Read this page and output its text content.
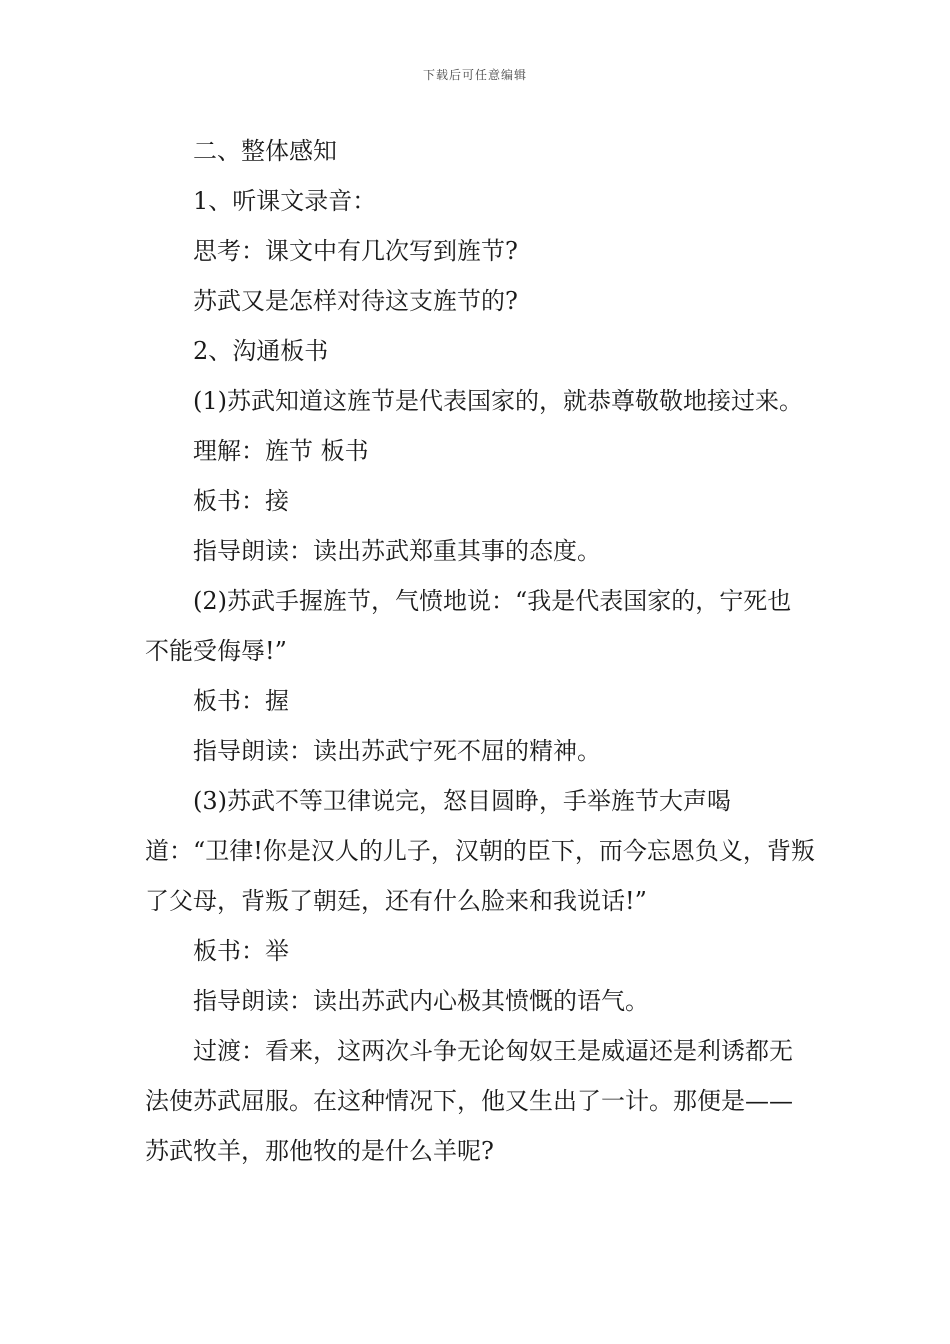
下载后可任意编辑

二、整体感知

1、听课文录音：

思考：课文中有几次写到旌节?

苏武又是怎样对待这支旌节的?

2、沟通板书

(1)苏武知道这旌节是代表国家的，就恭尊敬敬地接过来。

理解：旌节 板书

板书：接

指导朗读：读出苏武郑重其事的态度。

(2)苏武手握旌节，气愤地说：“我是代表国家的，宁死也不能受侮辱!”

板书：握

指导朗读：读出苏武宁死不屈的精神。

(3)苏武不等卫律说完，怒目圆睁，手举旌节大声喝道：“卫律!你是汉人的儿子，汉朝的臣下，而今忘恩负义，背叛了父母，背叛了朝廷，还有什么脸来和我说话!”

板书：举

指导朗读：读出苏武内心极其愤慨的语气。

过渡：看来，这两次斗争无论匈奴王是威逼还是利诱都无法使苏武屈服。在这种情况下，他又生出了一计。那便是——苏武牧羊，那他牧的是什么羊呢?
